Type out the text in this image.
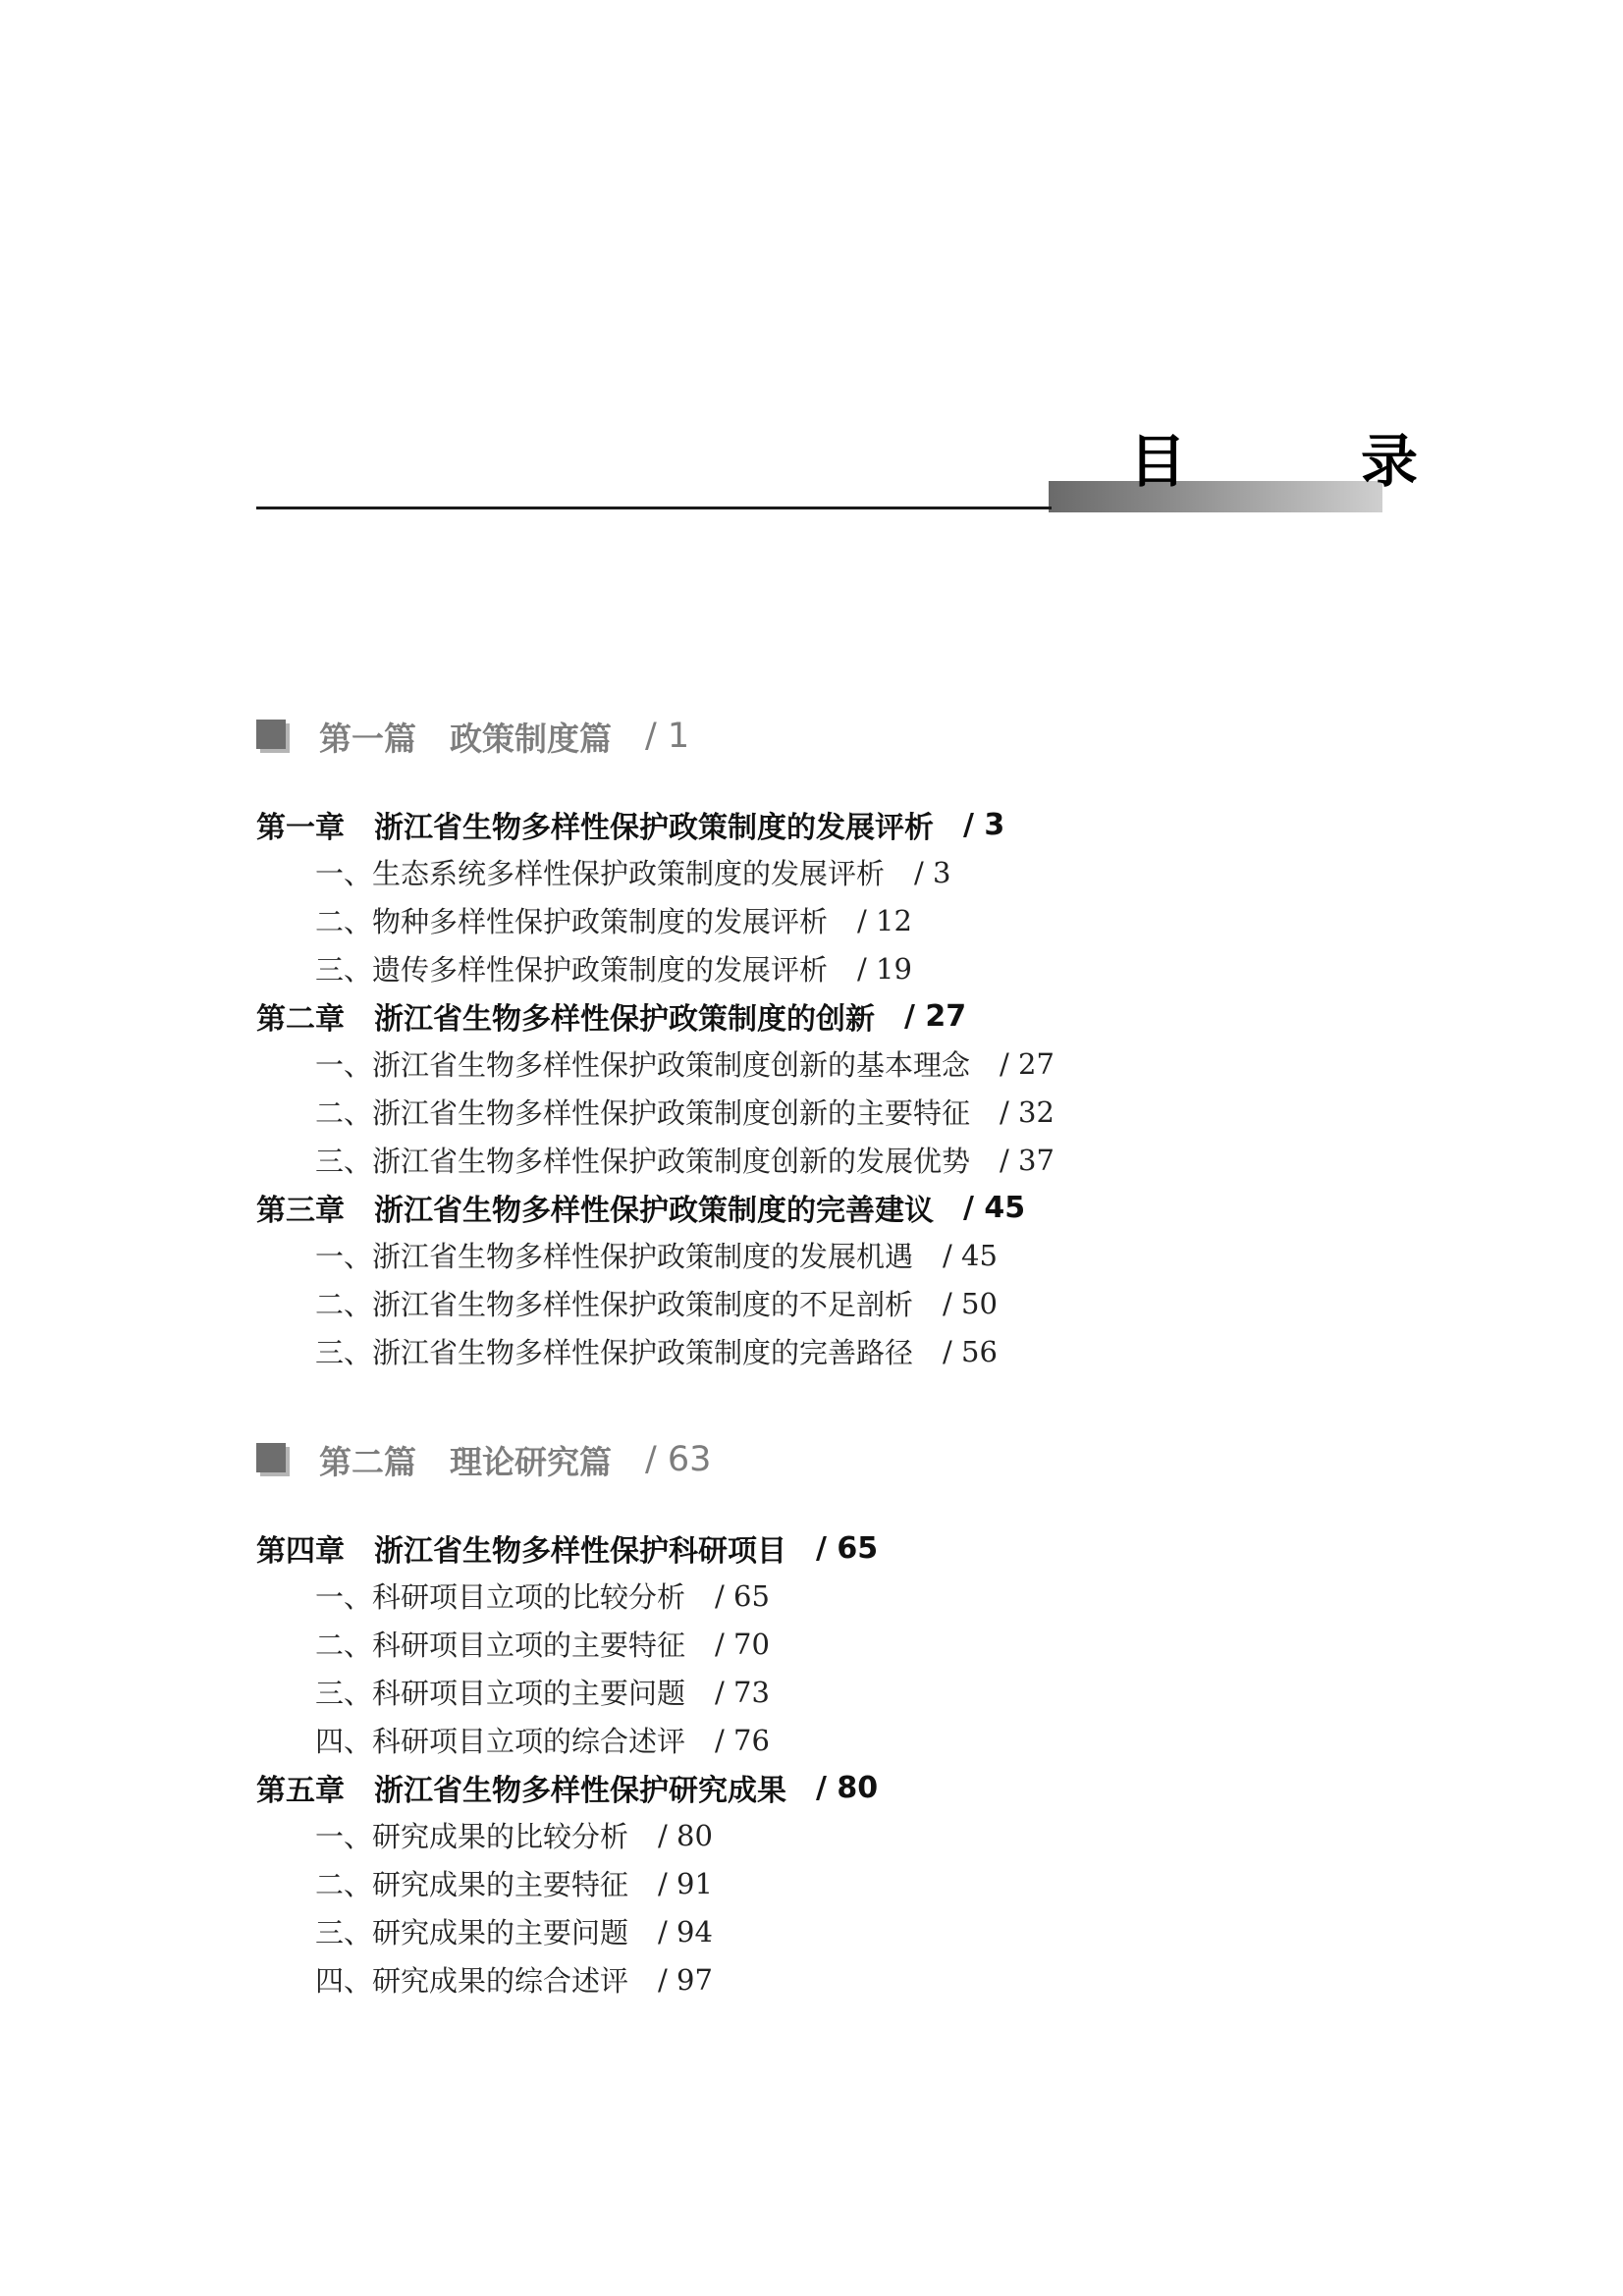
目　录
第一篇 政策制度篇 / 1
第一章 浙江省生物多样性保护政策制度的发展评析 / 3
一、生态系统多样性保护政策制度的发展评析 / 3
二、物种多样性保护政策制度的发展评析 / 12
三、遗传多样性保护政策制度的发展评析 / 19
第二章 浙江省生物多样性保护政策制度的创新 / 27
一、浙江省生物多样性保护政策制度创新的基本理念 / 27
二、浙江省生物多样性保护政策制度创新的主要特征 / 32
三、浙江省生物多样性保护政策制度创新的发展优势 / 37
第三章 浙江省生物多样性保护政策制度的完善建议 / 45
一、浙江省生物多样性保护政策制度的发展机遇 / 45
二、浙江省生物多样性保护政策制度的不足剖析 / 50
三、浙江省生物多样性保护政策制度的完善路径 / 56
第二篇 理论研究篇 / 63
第四章 浙江省生物多样性保护科研项目 / 65
一、科研项目立项的比较分析 / 65
二、科研项目立项的主要特征 / 70
三、科研项目立项的主要问题 / 73
四、科研项目立项的综合述评 / 76
第五章 浙江省生物多样性保护研究成果 / 80
一、研究成果的比较分析 / 80
二、研究成果的主要特征 / 91
三、研究成果的主要问题 / 94
四、研究成果的综合述评 / 97
